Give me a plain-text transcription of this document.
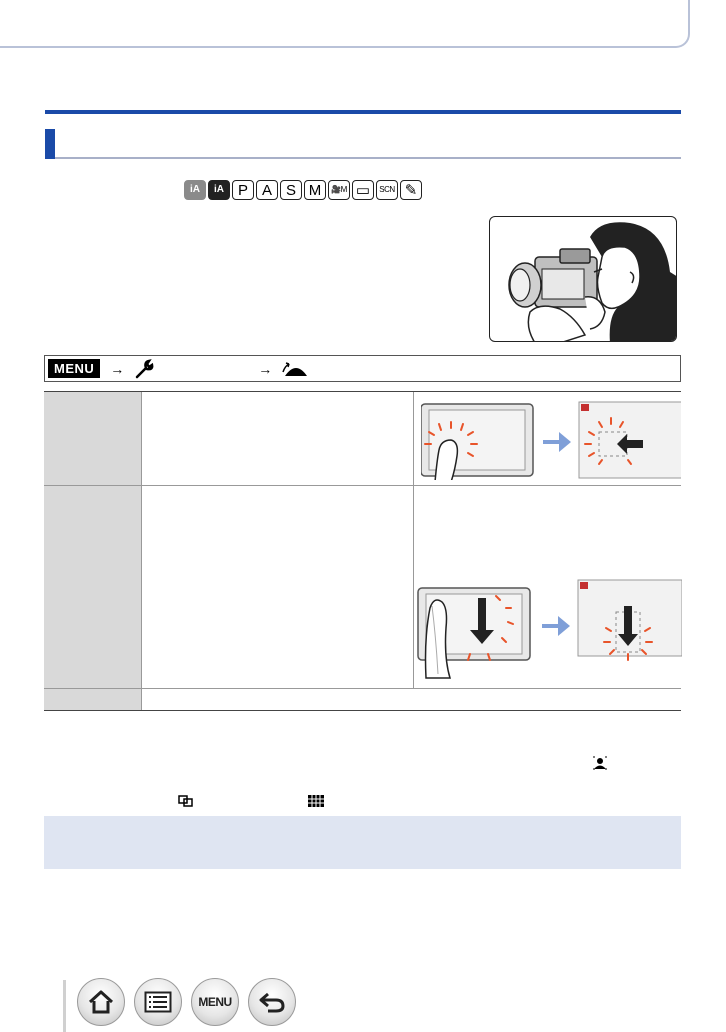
iA iA P A S M 🎥M ▭ SCN ✎
MENU	→	→
MENU
